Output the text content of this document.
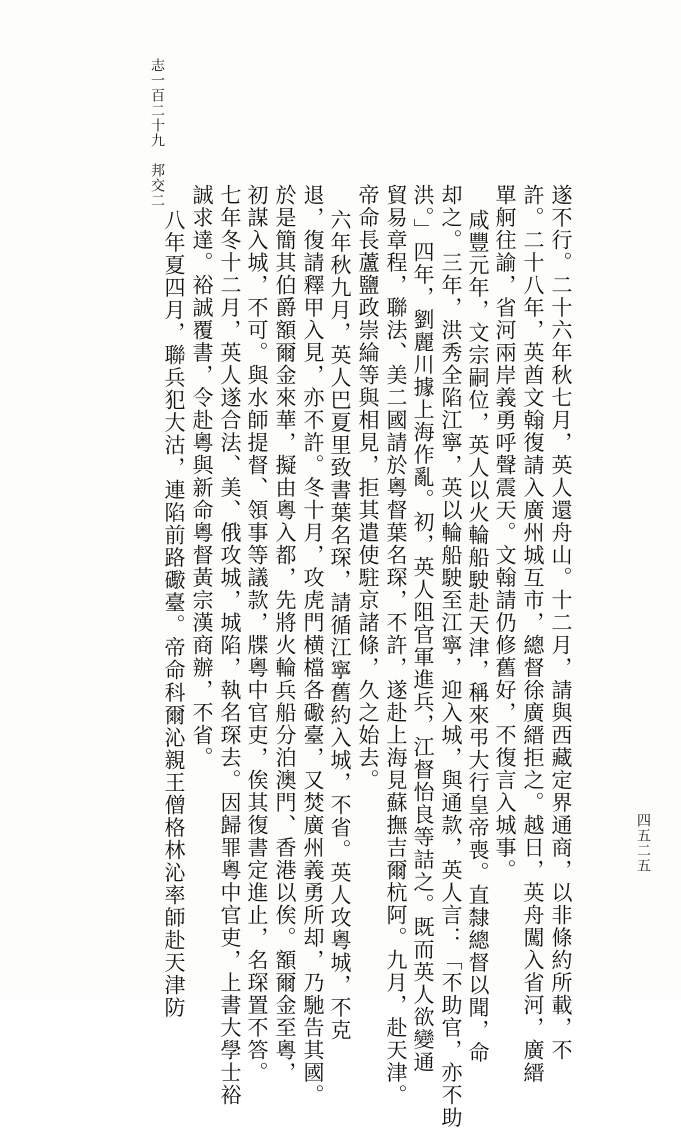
遂不行。二十六年秋七月，英人還舟山。十二月，請與西藏定界通商，以非條約所載，不
許。二十八年，英酋文翰復請入廣州城互市，總督徐廣縉拒之。越日，英舟闖入省河，廣縉
單舸往諭，省河兩岸義勇呼聲震天。文翰請仍修舊好，不復言入城事。
咸豐元年，文宗嗣位，英人以火輪船駛赴天津，稱來弔大行皇帝喪。直隸總督以聞，命
却之。三年，洪秀全陷江寧，英以輪船駛至江寧，迎入城，與通款，英人言：「不助官，亦不助
洪。」四年，劉麗川據上海作亂。初，英人阻官軍進兵，江督怡良等詰之。既而英人欲變通
貿易章程，聯法、美二國請於粵督葉名琛，不許，遂赴上海見蘇撫吉爾杭阿。九月，赴天津。
帝命長蘆鹽政崇綸等與相見，拒其遣使駐京諸條，久之始去。
六年秋九月，英人巴夏里致書葉名琛，請循江寧舊約入城，不省。英人攻粵城，不克
退，復請釋甲入見，亦不許。冬十月，攻虎門横檔各礮臺，又焚廣州義勇所却，乃馳告其國。
於是簡其伯爵額爾金來華，擬由粵入都，先將火輪兵船分泊澳門、香港以俟。額爾金至粵，
初謀入城，不可。與水師提督、領事等議款，牒粵中官吏，俟其復書定進止，名琛置不答。
七年冬十二月，英人遂合法、美、俄攻城，城陷，執名琛去。因歸罪粵中官吏，上書大學士裕
誠求達。裕誠覆書，令赴粵與新命粵督黃宗漢商辦，不省。
八年夏四月，聯兵犯大沽，連陷前路礮臺。帝命科爾沁親王僧格林沁率師赴天津防	四五二五
志一百二十九　邦交二
